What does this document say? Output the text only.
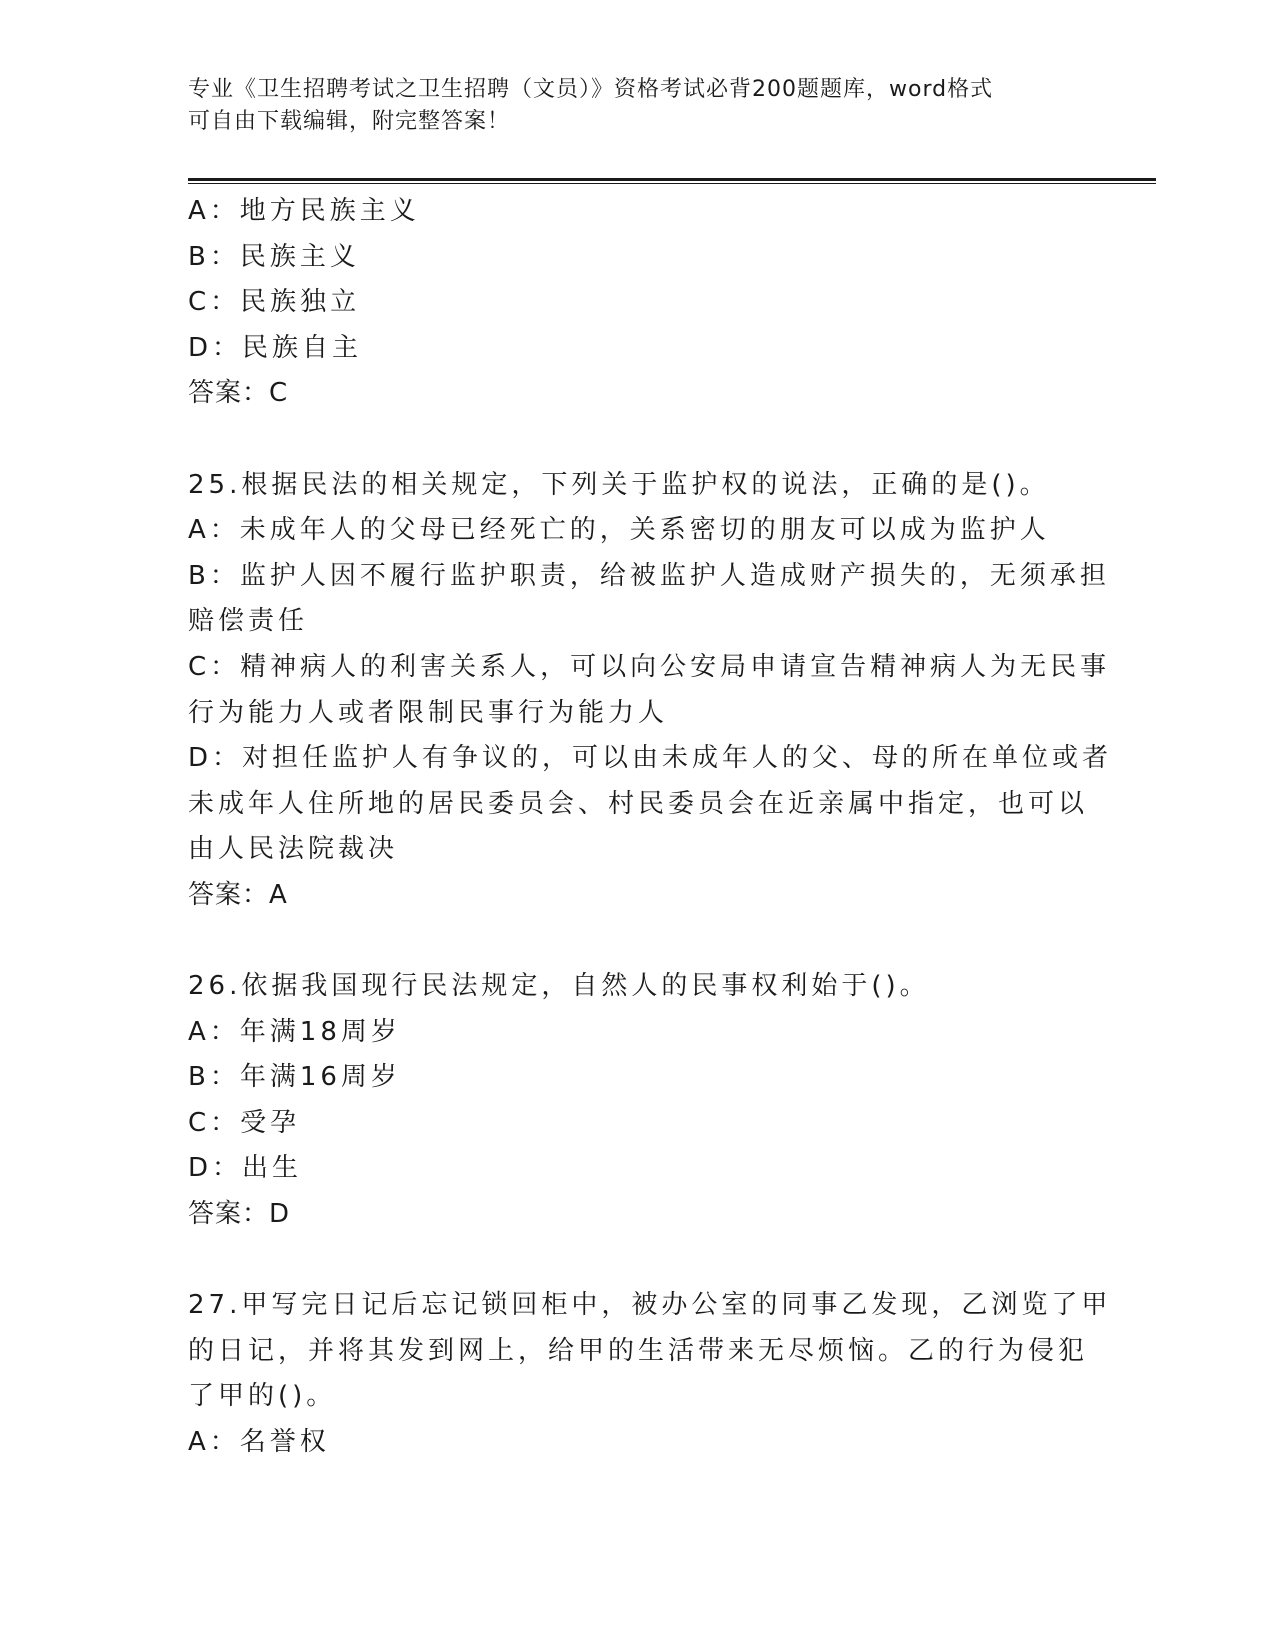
专业《卫生招聘考试之卫生招聘（文员）》资格考试必背200题题库，word格式
可自由下载编辑，附完整答案！
A：地方民族主义
B：民族主义
C：民族独立
D：民族自主
答案：C
25.根据民法的相关规定，下列关于监护权的说法，正确的是()。
A：未成年人的父母已经死亡的，关系密切的朋友可以成为监护人
B：监护人因不履行监护职责，给被监护人造成财产损失的，无须承担
赔偿责任
C：精神病人的利害关系人，可以向公安局申请宣告精神病人为无民事
行为能力人或者限制民事行为能力人
D：对担任监护人有争议的，可以由未成年人的父、母的所在单位或者
未成年人住所地的居民委员会、村民委员会在近亲属中指定，也可以
由人民法院裁决
答案：A
26.依据我国现行民法规定，自然人的民事权利始于()。
A：年满18周岁
B：年满16周岁
C：受孕
D：出生
答案：D
27.甲写完日记后忘记锁回柜中，被办公室的同事乙发现，乙浏览了甲
的日记，并将其发到网上，给甲的生活带来无尽烦恼。乙的行为侵犯
了甲的()。
A：名誉权
